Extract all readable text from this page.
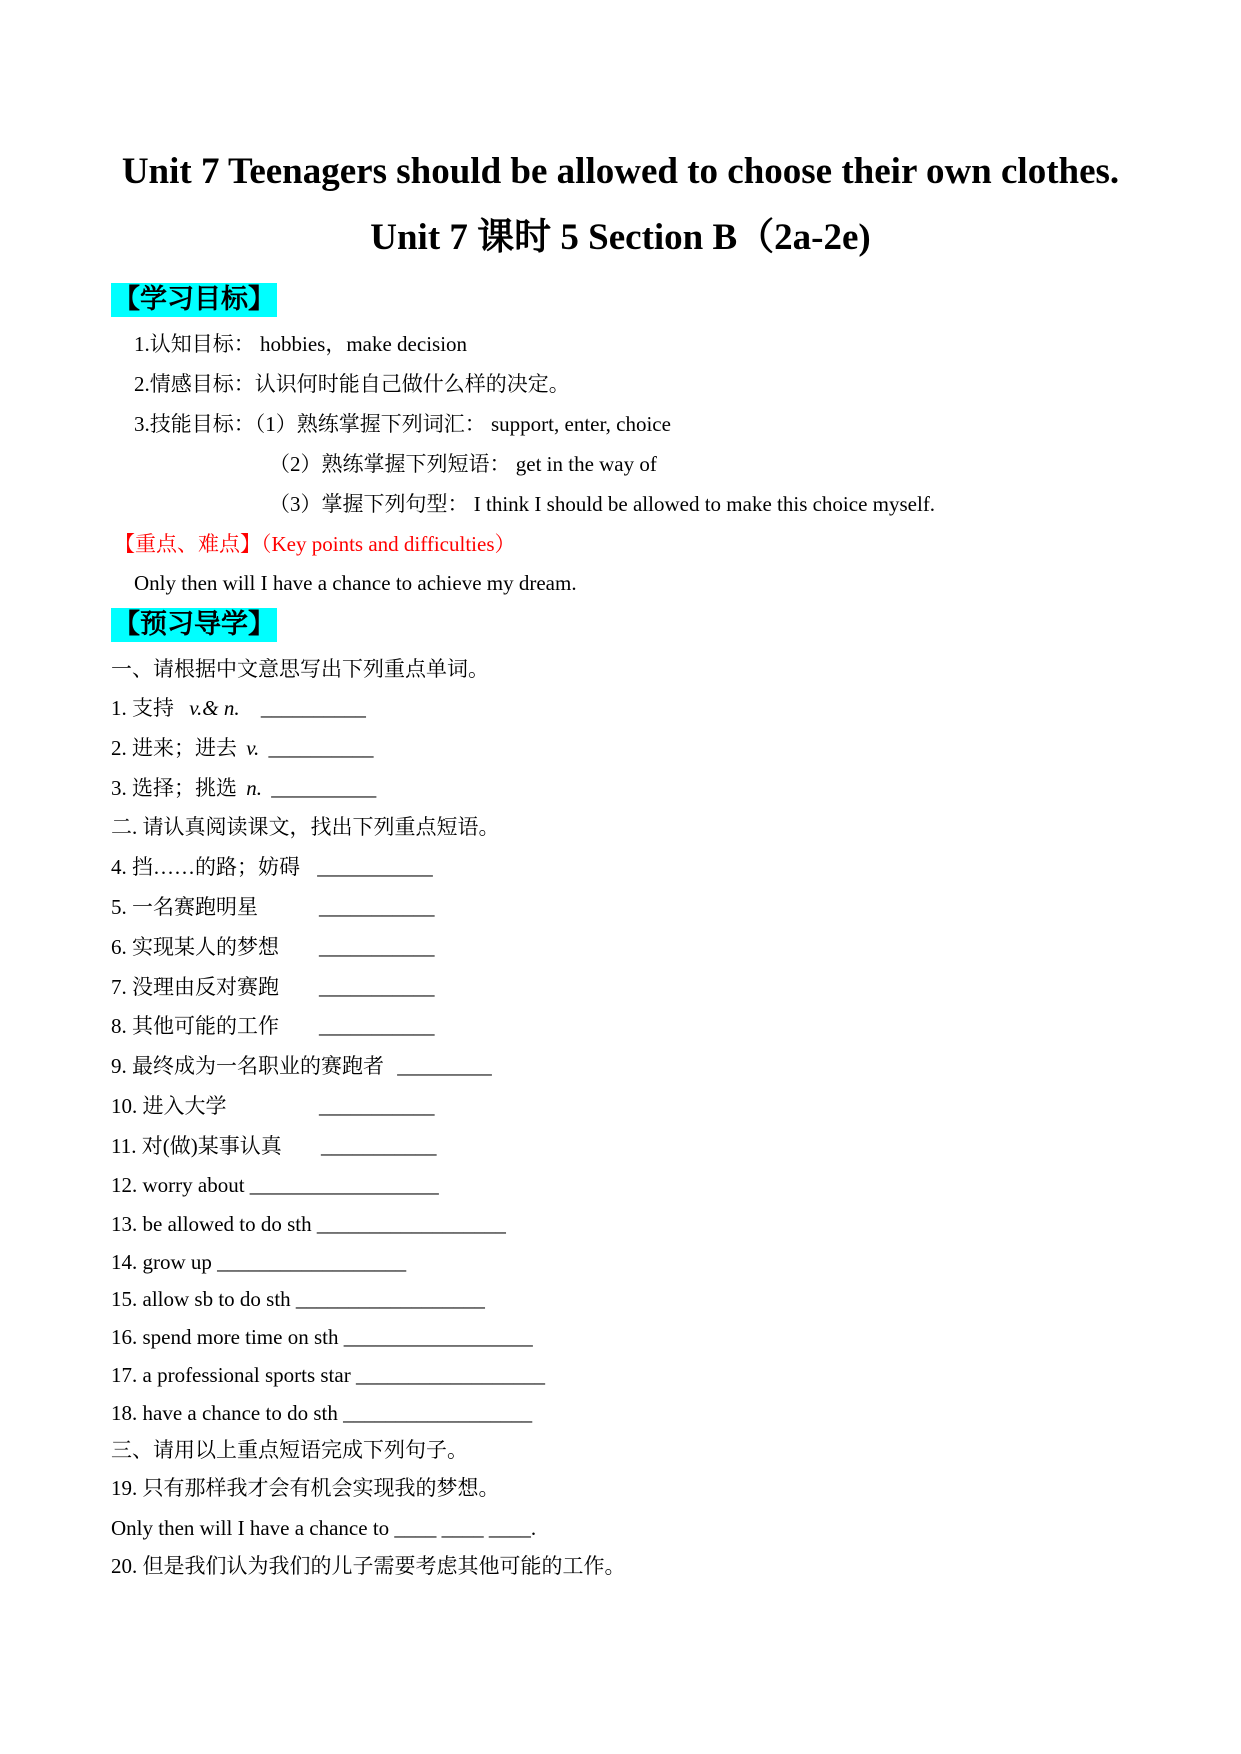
Unit 7 Teenagers should be allowed to choose their own clothes.
Unit 7 课时 5 Section B（2a-2e)
【学习目标】
1.认知目标： hobbies，make decision
2.情感目标：认识何时能自己做什么样的决定。
3.技能目标：（1）熟练掌握下列词汇： support, enter, choice
（2）熟练掌握下列短语： get in the way of
（3）掌握下列句型： I think I should be allowed to make this choice myself.
【重点、难点】（Key points and difficulties）
Only then will I have a chance to achieve my dream.
【预习导学】
一、请根据中文意思写出下列重点单词。
1. 支持 v.& n. __________
2. 进来；进去 v. __________
3. 选择；挑选 n. __________
二. 请认真阅读课文，找出下列重点短语。
4. 挡……的路；妨碍 ___________
5. 一名赛跑明星	___________
6. 实现某人的梦想 ___________
7. 没理由反对赛跑 ___________
8. 其他可能的工作 ___________
9. 最终成为一名职业的赛跑者 _________
10. 进入大学	___________
11. 对(做)某事认真 ___________
12. worry about __________________
13. be allowed to do sth __________________
14. grow up __________________
15. allow sb to do sth __________________
16. spend more time on sth __________________
17. a professional sports star __________________
18. have a chance to do sth __________________
三、请用以上重点短语完成下列句子。
19. 只有那样我才会有机会实现我的梦想。
Only then will I have a chance to ____ ____ ____.
20. 但是我们认为我们的儿子需要考虑其他可能的工作。
